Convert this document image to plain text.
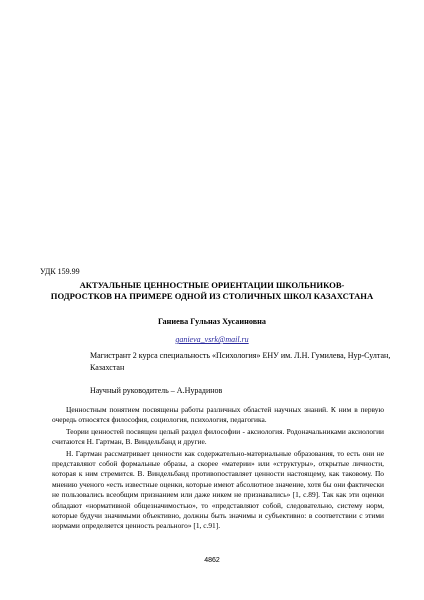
УДК 159.99
АКТУАЛЬНЫЕ ЦЕННОСТНЫЕ ОРИЕНТАЦИИ ШКОЛЬНИКОВ-
ПОДРОСТКОВ НА ПРИМЕРЕ ОДНОЙ ИЗ СТОЛИЧНЫХ ШКОЛ КАЗАХСТАНА
Ганиева Гульназ Хусаиновна
ganieva_vsrk@mail.ru
Магистрант 2 курса специальность «Психология» ЕНУ им. Л.Н. Гумилева, Нур-Султан, Казахстан
Научный руководитель – А.Нурадинов

Ценностным понятием посвящены работы различных областей научных знаний. К ним в первую очередь относятся философия, социология, психология, педагогика.

Теории ценностей посвящен целый раздел философии - аксиология. Родоначальниками аксиологии считаются Н. Гартман, В. Виндельбанд и другие.

Н. Гартман рассматривает ценности как содержательно-материальные образования, то есть они не представляют собой формальные образы, а скорее «материи» или «структуры», открытые личности, которая к ним стремится. В. Виндельбанд противопоставляет ценности настоящему, как таковому. По мнению ученого «есть известные оценки, которые имеют абсолютное значение, хотя бы они фактически не пользовались всеобщим признанием или даже никем не признавались» [1, с.89]. Так как эти оценки обладают «нормативной общезначимостью», то «представляют собой, следовательно, систему норм, которые будучи значимыми объективно, должны быть значимы и субъективно: в соответствии с этими нормами определяется ценность реального» [1, с.91].

4862
